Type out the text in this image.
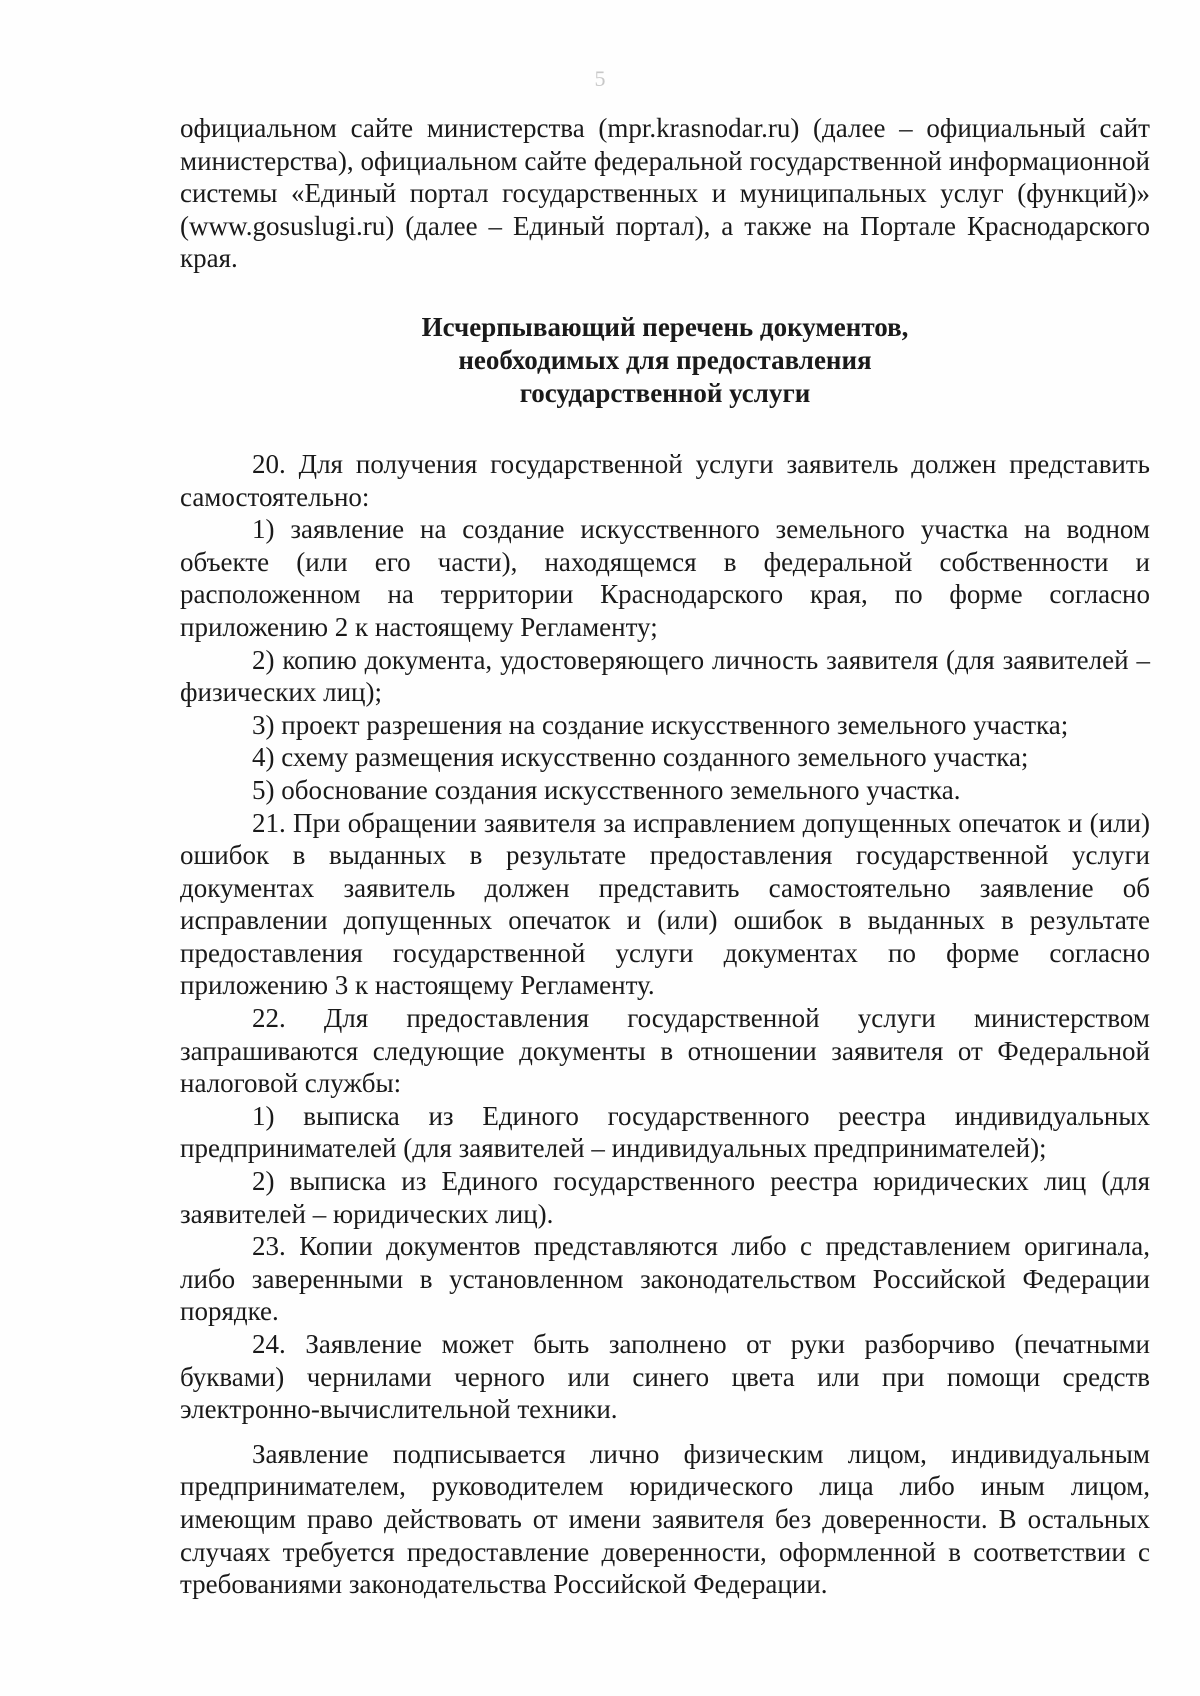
5

официальном сайте министерства (mpr.krasnodar.ru) (далее – официальный сайт министерства), официальном сайте федеральной государственной информационной системы «Единый портал государственных и муниципальных услуг (функций)» (www.gosuslugi.ru) (далее – Единый портал), а также на Портале Краснодарского края.

Исчерпывающий перечень документов,
необходимых для предоставления
государственной услуги

20. Для получения государственной услуги заявитель должен представить самостоятельно:

1) заявление на создание искусственного земельного участка на водном объекте (или его части), находящемся в федеральной собственности и расположенном на территории Краснодарского края, по форме согласно приложению 2 к настоящему Регламенту;

2) копию документа, удостоверяющего личность заявителя (для заявителей – физических лиц);

3) проект разрешения на создание искусственного земельного участка;

4) схему размещения искусственно созданного земельного участка;

5) обоснование создания искусственного земельного участка.

21. При обращении заявителя за исправлением допущенных опечаток и (или) ошибок в выданных в результате предоставления государственной услуги документах заявитель должен представить самостоятельно заявление об исправлении допущенных опечаток и (или) ошибок в выданных в результате предоставления государственной услуги документах по форме согласно приложению 3 к настоящему Регламенту.

22. Для предоставления государственной услуги министерством запрашиваются следующие документы в отношении заявителя от Федеральной налоговой службы:

1) выписка из Единого государственного реестра индивидуальных предпринимателей (для заявителей – индивидуальных предпринимателей);

2) выписка из Единого государственного реестра юридических лиц (для заявителей – юридических лиц).

23. Копии документов представляются либо с представлением оригинала, либо заверенными в установленном законодательством Российской Федерации порядке.

24. Заявление может быть заполнено от руки разборчиво (печатными буквами) чернилами черного или синего цвета или при помощи средств электронно-вычислительной техники.

Заявление подписывается лично физическим лицом, индивидуальным предпринимателем, руководителем юридического лица либо иным лицом, имеющим право действовать от имени заявителя без доверенности. В остальных случаях требуется предоставление доверенности, оформленной в соответствии с требованиями законодательства Российской Федерации.
